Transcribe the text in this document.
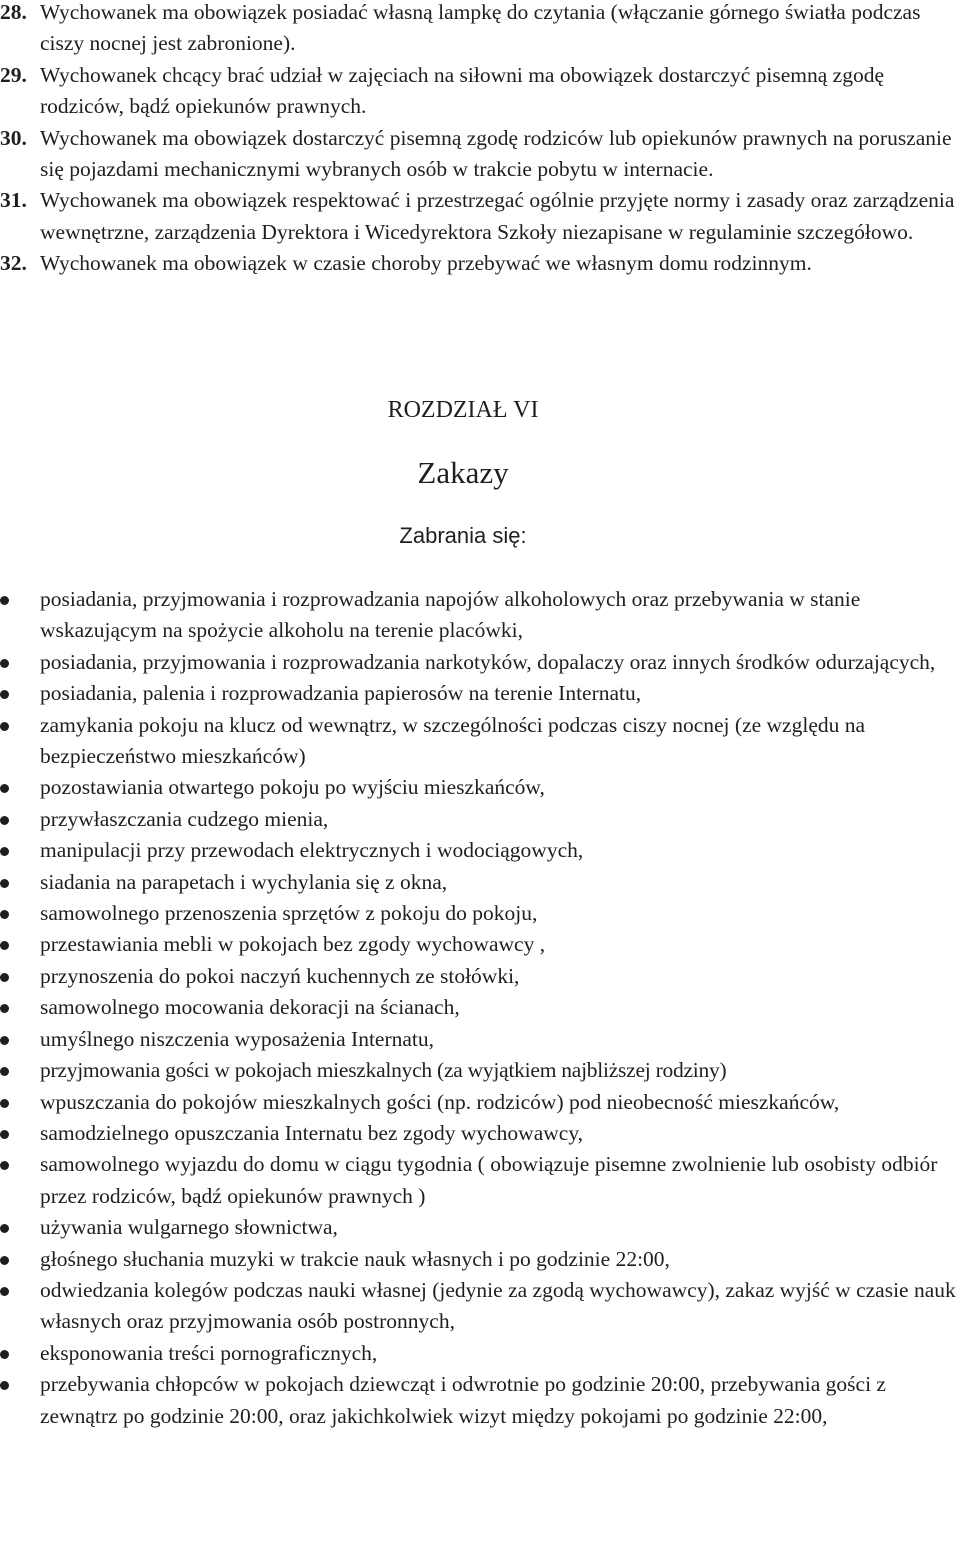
28. Wychowanek ma obowiązek posiadać własną lampkę do czytania (włączanie górnego światła podczas ciszy nocnej jest zabronione).
29. Wychowanek chcący brać udział w zajęciach na siłowni ma obowiązek dostarczyć pisemną zgodę rodziców, bądź opiekunów prawnych.
30. Wychowanek ma obowiązek dostarczyć pisemną zgodę rodziców lub opiekunów prawnych na poruszanie się pojazdami mechanicznymi wybranych osób w trakcie pobytu w internacie.
31. Wychowanek ma obowiązek respektować i przestrzegać ogólnie przyjęte normy i zasady oraz zarządzenia wewnętrzne, zarządzenia Dyrektora i Wicedyrektora Szkoły niezapisane w regulaminie szczegółowo.
32. Wychowanek ma obowiązek w czasie choroby przebywać we własnym domu rodzinnym.
ROZDZIAŁ VI
Zakazy
Zabrania się:
posiadania, przyjmowania i rozprowadzania napojów alkoholowych oraz przebywania w stanie wskazującym na spożycie alkoholu na terenie placówki,
posiadania, przyjmowania i rozprowadzania narkotyków, dopalaczy oraz innych środków odurzających,
posiadania, palenia i rozprowadzania papierosów na terenie Internatu,
zamykania pokoju na klucz od wewnątrz, w szczególności podczas ciszy nocnej (ze względu na bezpieczeństwo mieszkańców)
pozostawiania otwartego pokoju po wyjściu mieszkańców,
przywłaszczania cudzego mienia,
manipulacji przy przewodach elektrycznych i wodociągowych,
siadania na parapetach i wychylania się z okna,
samowolnego przenoszenia sprzętów z pokoju do pokoju,
przestawiania mebli w pokojach bez zgody wychowawcy ,
przynoszenia do pokoi naczyń kuchennych ze stołówki,
samowolnego mocowania dekoracji na ścianach,
umyślnego niszczenia wyposażenia Internatu,
przyjmowania gości w pokojach mieszkalnych (za wyjątkiem najbliższej rodziny)
wpuszczania do pokojów mieszkalnych gości (np. rodziców) pod nieobecność mieszkańców,
samodzielnego opuszczania Internatu bez zgody wychowawcy,
samowolnego wyjazdu do domu w ciągu tygodnia ( obowiązuje pisemne zwolnienie lub osobisty odbiór przez rodziców, bądź opiekunów prawnych )
używania wulgarnego słownictwa,
głośnego słuchania muzyki w trakcie nauk własnych i po godzinie 22:00,
odwiedzania kolegów podczas nauki własnej (jedynie za zgodą wychowawcy), zakaz wyjść w czasie nauk własnych oraz przyjmowania osób postronnych,
eksponowania treści pornograficznych,
przebywania chłopców w pokojach dziewcząt i odwrotnie po godzinie 20:00, przebywania gości z zewnątrz po godzinie 20:00, oraz jakichkolwiek wizyt między pokojami po godzinie 22:00,
